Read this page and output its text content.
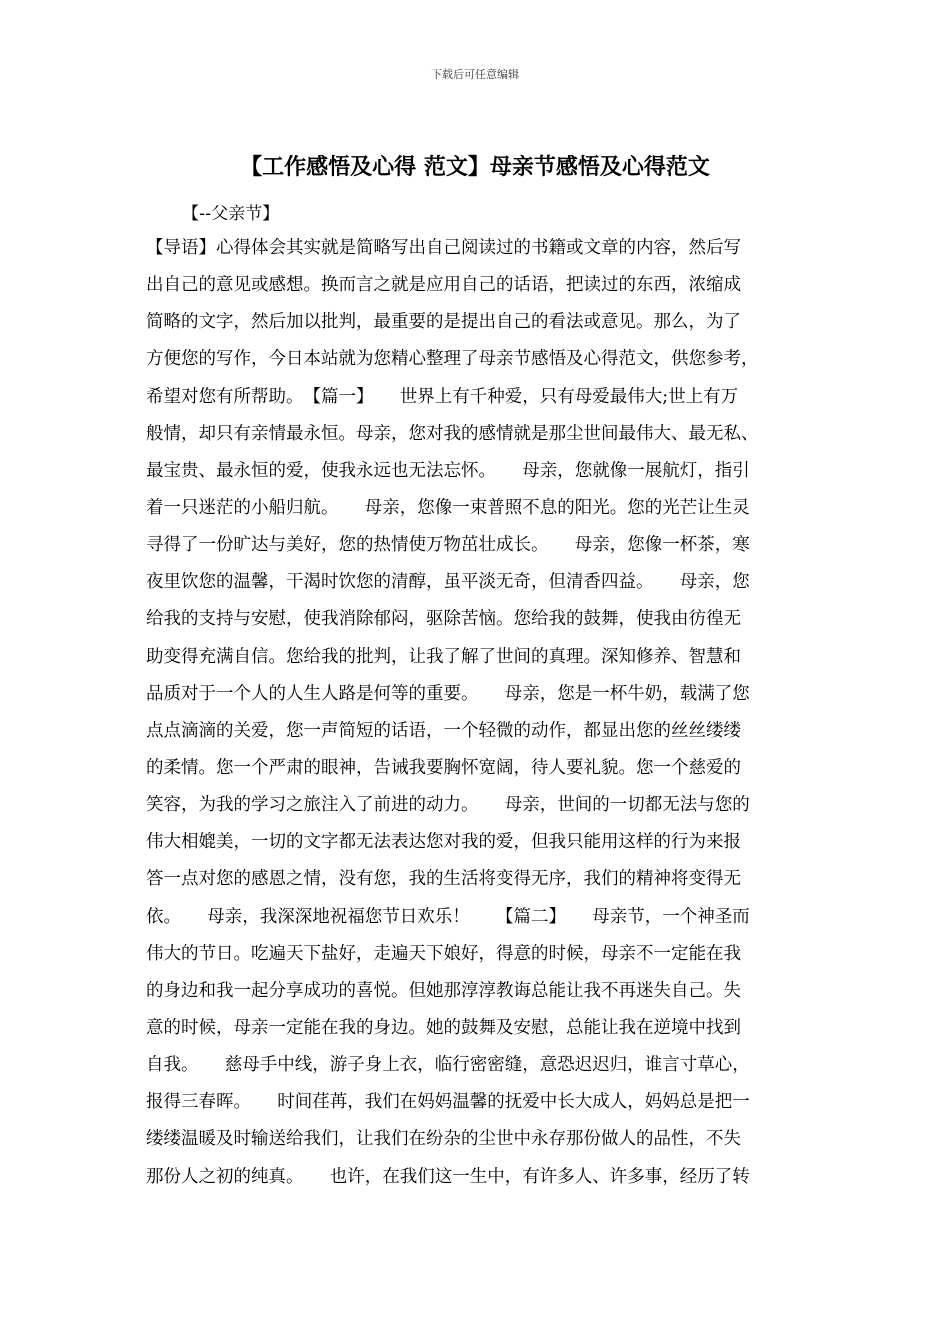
下载后可任意编辑
【工作感悟及心得 范文】母亲节感悟及心得范文
【--父亲节】
【导语】心得体会其实就是简略写出自己阅读过的书籍或文章的内容，然后写
出自己的意见或感想。换而言之就是应用自己的话语，把读过的东西，浓缩成
简略的文字，然后加以批判，最重要的是提出自己的看法或意见。那么，为了
方便您的写作，今日本站就为您精心整理了母亲节感悟及心得范文，供您参考，
希望对您有所帮助。　【篇一】　　世界上有千种爱，只有母爱最伟大;世上有万
般情，却只有亲情最永恒。母亲，您对我的感情就是那尘世间最伟大、最无私、
最宝贵、最永恒的爱，使我永远也无法忘怀。　　母亲，您就像一展航灯，指引
着一只迷茫的小船归航。　　母亲，您像一束普照不息的阳光。您的光芒让生灵
寻得了一份旷达与美好，您的热情使万物茁壮成长。　　母亲，您像一杯茶，寒
夜里饮您的温馨，干渴时饮您的清醇，虽平淡无奇，但清香四益。　　母亲，您
给我的支持与安慰，使我消除郁闷，驱除苦恼。您给我的鼓舞，使我由彷徨无
助变得充满自信。您给我的批判，让我了解了世间的真理。深知修养、智慧和
品质对于一个人的人生人路是何等的重要。　　母亲，您是一杯牛奶，载满了您
点点滴滴的关爱，您一声简短的话语，一个轻微的动作，都显出您的丝丝缕缕
的柔情。您一个严肃的眼神，告诫我要胸怀宽阔，待人要礼貌。您一个慈爱的
笑容，为我的学习之旅注入了前进的动力。　　母亲，世间的一切都无法与您的
伟大相媲美，一切的文字都无法表达您对我的爱，但我只能用这样的行为来报
答一点对您的感恩之情，没有您，我的生活将变得无序，我们的精神将变得无
依。　　母亲，我深深地祝福您节日欢乐！　　【篇二】　　母亲节，一个神圣而
伟大的节日。吃遍天下盐好，走遍天下娘好，得意的时候，母亲不一定能在我
的身边和我一起分享成功的喜悦。但她那淳淳教诲总能让我不再迷失自己。失
意的时候，母亲一定能在我的身边。她的鼓舞及安慰，总能让我在逆境中找到
自我。　　慈母手中线，游子身上衣，临行密密缝，意恐迟迟归，谁言寸草心，
报得三春晖。　　时间荏苒，我们在妈妈温馨的抚爱中长大成人，妈妈总是把一
缕缕温暖及时输送给我们，让我们在纷杂的尘世中永存那份做人的品性，不失
那份人之初的纯真。　　也许，在我们这一生中，有许多人、许多事，经历了转
